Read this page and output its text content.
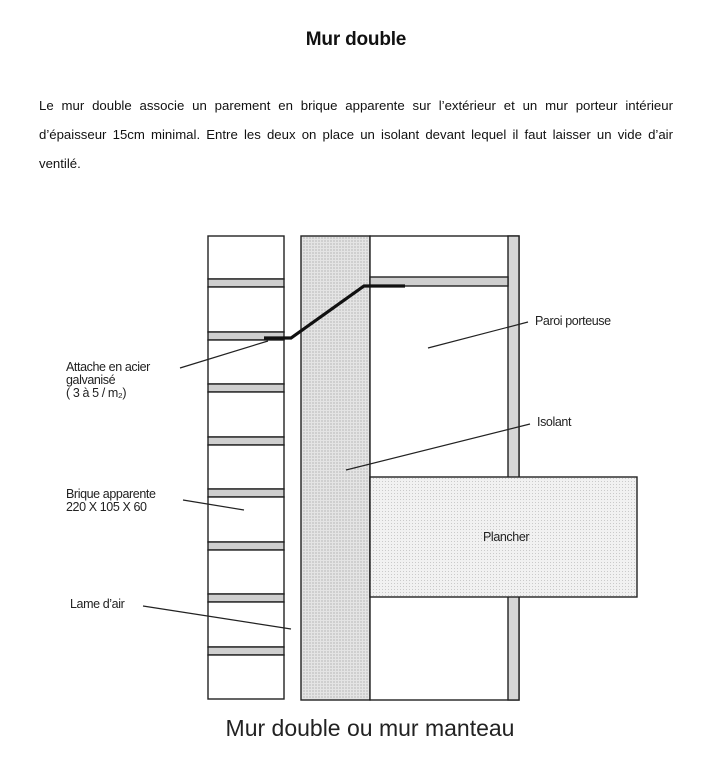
Mur double
Le mur double associe un parement en brique apparente sur l’extérieur et un mur porteur intérieur d’épaisseur 15cm minimal. Entre les deux on place un isolant devant lequel il faut laisser un vide d’air ventilé.
Paroi porteuse
Isolant
Plancher
Attache en acier
galvanisé
( 3 à 5 / m₂)
Brique apparente
220 X 105 X 60
Lame d’air
Mur double ou mur manteau
